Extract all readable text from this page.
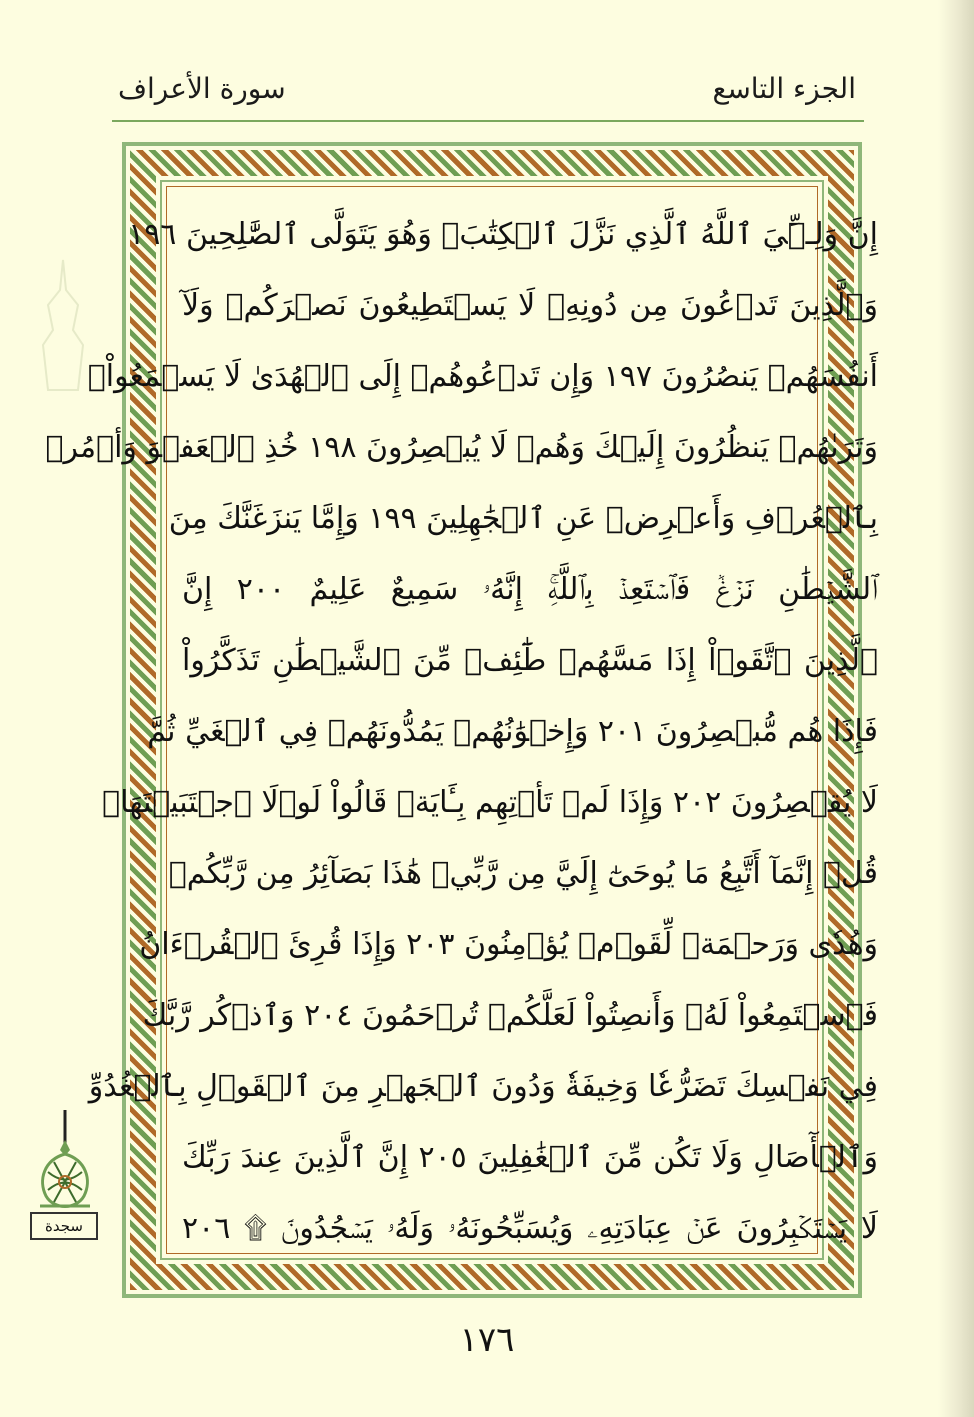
سورة الأعراف	الجزء التاسع
إِنَّ وَلِـِّۧيَ ٱللَّهُ ٱلَّذِي نَزَّلَ ٱلۡكِتَٰبَۖ وَهُوَ يَتَوَلَّى ٱلصَّٰلِحِينَ ١٩٦
وَٱلَّذِينَ تَدۡعُونَ مِن دُونِهِۦ لَا يَسۡتَطِيعُونَ نَصۡرَكُمۡ وَلَآ
أَنفُسَهُمۡ يَنصُرُونَ ١٩٧ وَإِن تَدۡعُوهُمۡ إِلَى ٱلۡهُدَىٰ لَا يَسۡمَعُواْۖ
وَتَرَىٰهُمۡ يَنظُرُونَ إِلَيۡكَ وَهُمۡ لَا يُبۡصِرُونَ ١٩٨ خُذِ ٱلۡعَفۡوَ وَأۡمُرۡ
بِٱلۡعُرۡفِ وَأَعۡرِضۡ عَنِ ٱلۡجَٰهِلِينَ ١٩٩ وَإِمَّا يَنزَغَنَّكَ مِنَ
ٱلشَّيۡطَٰنِ نَزۡغٞ فَٱسۡتَعِذۡ بِٱللَّهِۚ إِنَّهُۥ سَمِيعٌ عَلِيمٌ ٢٠٠ إِنَّ
ٱلَّذِينَ ٱتَّقَوۡاْ إِذَا مَسَّهُمۡ طَٰٓئِفٞ مِّنَ ٱلشَّيۡطَٰنِ تَذَكَّرُواْ
فَإِذَا هُم مُّبۡصِرُونَ ٢٠١ وَإِخۡوَٰنُهُمۡ يَمُدُّونَهُمۡ فِي ٱلۡغَيِّ ثُمَّ
لَا يُقۡصِرُونَ ٢٠٢ وَإِذَا لَمۡ تَأۡتِهِم بِـَٔايَةٖ قَالُواْ لَوۡلَا ٱجۡتَبَيۡتَهَاۚ
قُلۡ إِنَّمَآ أَتَّبِعُ مَا يُوحَىٰٓ إِلَيَّ مِن رَّبِّيۚ هَٰذَا بَصَآئِرُ مِن رَّبِّكُمۡ
وَهُدٗى وَرَحۡمَةٞ لِّقَوۡمٖ يُؤۡمِنُونَ ٢٠٣ وَإِذَا قُرِئَ ٱلۡقُرۡءَانُ
فَٱسۡتَمِعُواْ لَهُۥ وَأَنصِتُواْ لَعَلَّكُمۡ تُرۡحَمُونَ ٢٠٤ وَٱذۡكُر رَّبَّكَ
فِي نَفۡسِكَ تَضَرُّعٗا وَخِيفَةٗ وَدُونَ ٱلۡجَهۡرِ مِنَ ٱلۡقَوۡلِ بِٱلۡغُدُوِّ
وَٱلۡأٓصَالِ وَلَا تَكُن مِّنَ ٱلۡغَٰفِلِينَ ٢٠٥ إِنَّ ٱلَّذِينَ عِندَ رَبِّكَ
لَا يَسۡتَكۡبِرُونَ عَنۡ عِبَادَتِهِۦ وَيُسَبِّحُونَهُۥ وَلَهُۥ يَسۡجُدُونَۤ ۩ ٢٠٦
سجدة
١٧٦
